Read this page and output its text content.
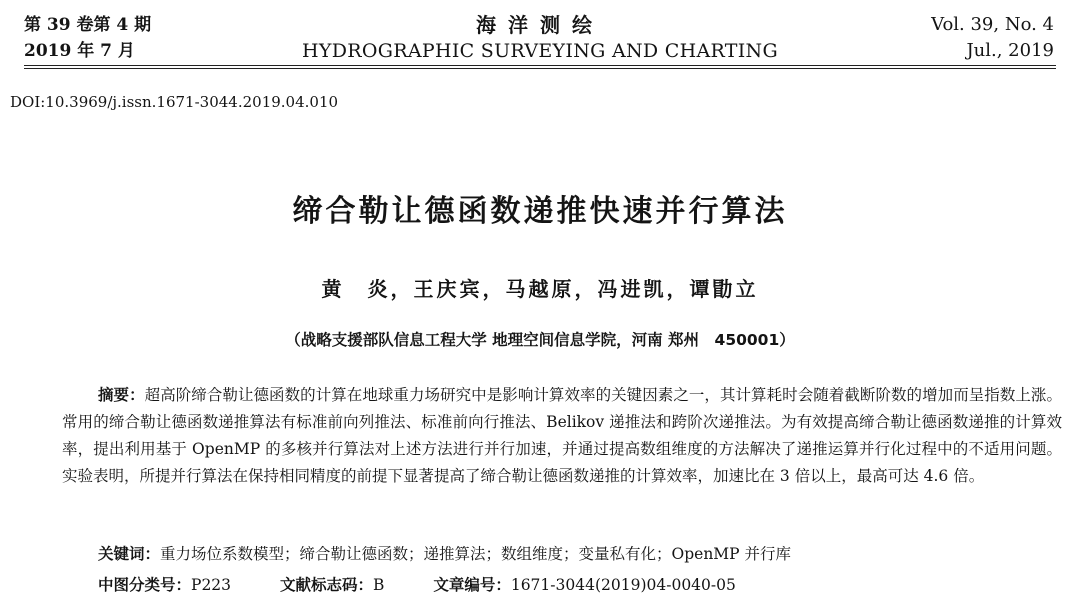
第 39 卷第 4 期
2019 年 7 月
海洋测绘
HYDROGRAPHIC SURVEYING AND CHARTING
Vol. 39, No. 4
Jul., 2019
DOI:10.3969/j.issn.1671-3044.2019.04.010
缔合勒让德函数递推快速并行算法
黄　炎，王庆宾，马越原，冯进凯，谭勖立
（战略支援部队信息工程大学 地理空间信息学院，河南 郑州　450001）

摘要：超高阶缔合勒让德函数的计算在地球重力场研究中是影响计算效率的关键因素之一，其计算耗时会随着截断阶数的增加而呈指数上涨。常用的缔合勒让德函数递推算法有标准前向列推法、标准前向行推法、Belikov 递推法和跨阶次递推法。为有效提高缔合勒让德函数递推的计算效率，提出利用基于 OpenMP 的多核并行算法对上述方法进行并行加速，并通过提高数组维度的方法解决了递推运算并行化过程中的不适用问题。实验表明，所提并行算法在保持相同精度的前提下显著提高了缔合勒让德函数递推的计算效率，加速比在 3 倍以上，最高可达 4.6 倍。

关键词：重力场位系数模型；缔合勒让德函数；递推算法；数组维度；变量私有化；OpenMP 并行库
中图分类号：P223	文献标志码：B	文章编号：1671-3044(2019)04-0040-05
